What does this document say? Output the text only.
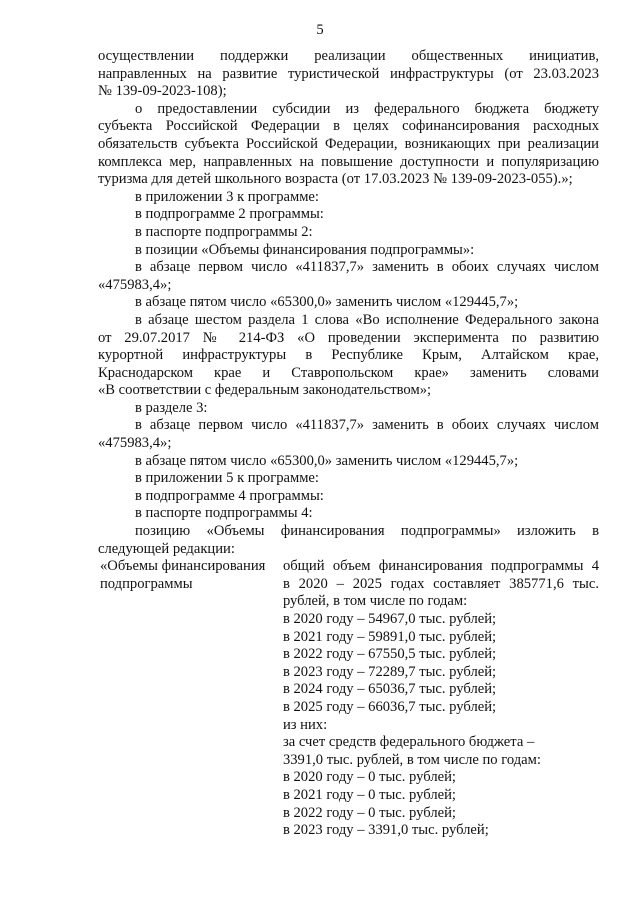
5
осуществлении поддержки реализации общественных инициатив,
направленных на развитие туристической инфраструктуры (от 23.03.2023
№ 139-09-2023-108);
о предоставлении субсидии из федерального бюджета бюджету
субъекта Российской Федерации в целях софинансирования расходных
обязательств субъекта Российской Федерации, возникающих при реализации
комплекса мер, направленных на повышение доступности и популяризацию
туризма для детей школьного возраста (от 17.03.2023 № 139-09-2023-055).»;
в приложении 3 к программе:
в подпрограмме 2 программы:
в паспорте подпрограммы 2:
в позиции «Объемы финансирования подпрограммы»:
в абзаце первом число «411837,7» заменить в обоих случаях числом
«475983,4»;
в абзаце пятом число «65300,0» заменить числом «129445,7»;
в абзаце шестом раздела 1 слова «Во исполнение Федерального закона
от 29.07.2017 № 214-ФЗ «О проведении эксперимента по развитию
курортной инфраструктуры в Республике Крым, Алтайском крае,
Краснодарском крае и Ставропольском крае» заменить словами
«В соответствии с федеральным законодательством»;
в разделе 3:
в абзаце первом число «411837,7» заменить в обоих случаях числом
«475983,4»;
в абзаце пятом число «65300,0» заменить числом «129445,7»;
в приложении 5 к программе:
в подпрограмме 4 программы:
в паспорте подпрограммы 4:
позицию «Объемы финансирования подпрограммы» изложить в
следующей редакции:
«Объемы финансирования
подпрограммы
общий объем финансирования подпрограммы 4
в 2020 – 2025 годах составляет 385771,6 тыс.
рублей, в том числе по годам:
в 2020 году – 54967,0 тыс. рублей;
в 2021 году – 59891,0 тыс. рублей;
в 2022 году – 67550,5 тыс. рублей;
в 2023 году – 72289,7 тыс. рублей;
в 2024 году – 65036,7 тыс. рублей;
в 2025 году – 66036,7 тыс. рублей;
из них:
за счет средств федерального бюджета –
3391,0 тыс. рублей, в том числе по годам:
в 2020 году – 0 тыс. рублей;
в 2021 году – 0 тыс. рублей;
в 2022 году – 0 тыс. рублей;
в 2023 году – 3391,0 тыс. рублей;
